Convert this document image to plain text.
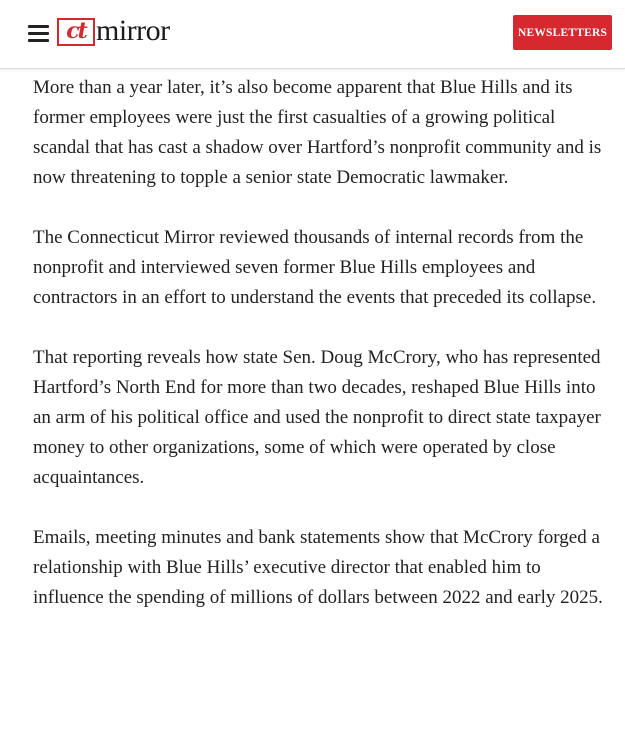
ct mirror	NEWSLETTERS

More than a year later, it’s also become apparent that Blue Hills and its former employees were just the first casualties of a growing political scandal that has cast a shadow over Hartford’s nonprofit community and is now threatening to topple a senior state Democratic lawmaker.

The Connecticut Mirror reviewed thousands of internal records from the nonprofit and interviewed seven former Blue Hills employees and contractors in an effort to understand the events that preceded its collapse.

That reporting reveals how state Sen. Doug McCrory, who has represented Hartford’s North End for more than two decades, reshaped Blue Hills into an arm of his political office and used the nonprofit to direct state taxpayer money to other organizations, some of which were operated by close acquaintances.

Emails, meeting minutes and bank statements show that McCrory forged a relationship with Blue Hills’ executive director that enabled him to influence the spending of millions of dollars between 2022 and early 2025.
